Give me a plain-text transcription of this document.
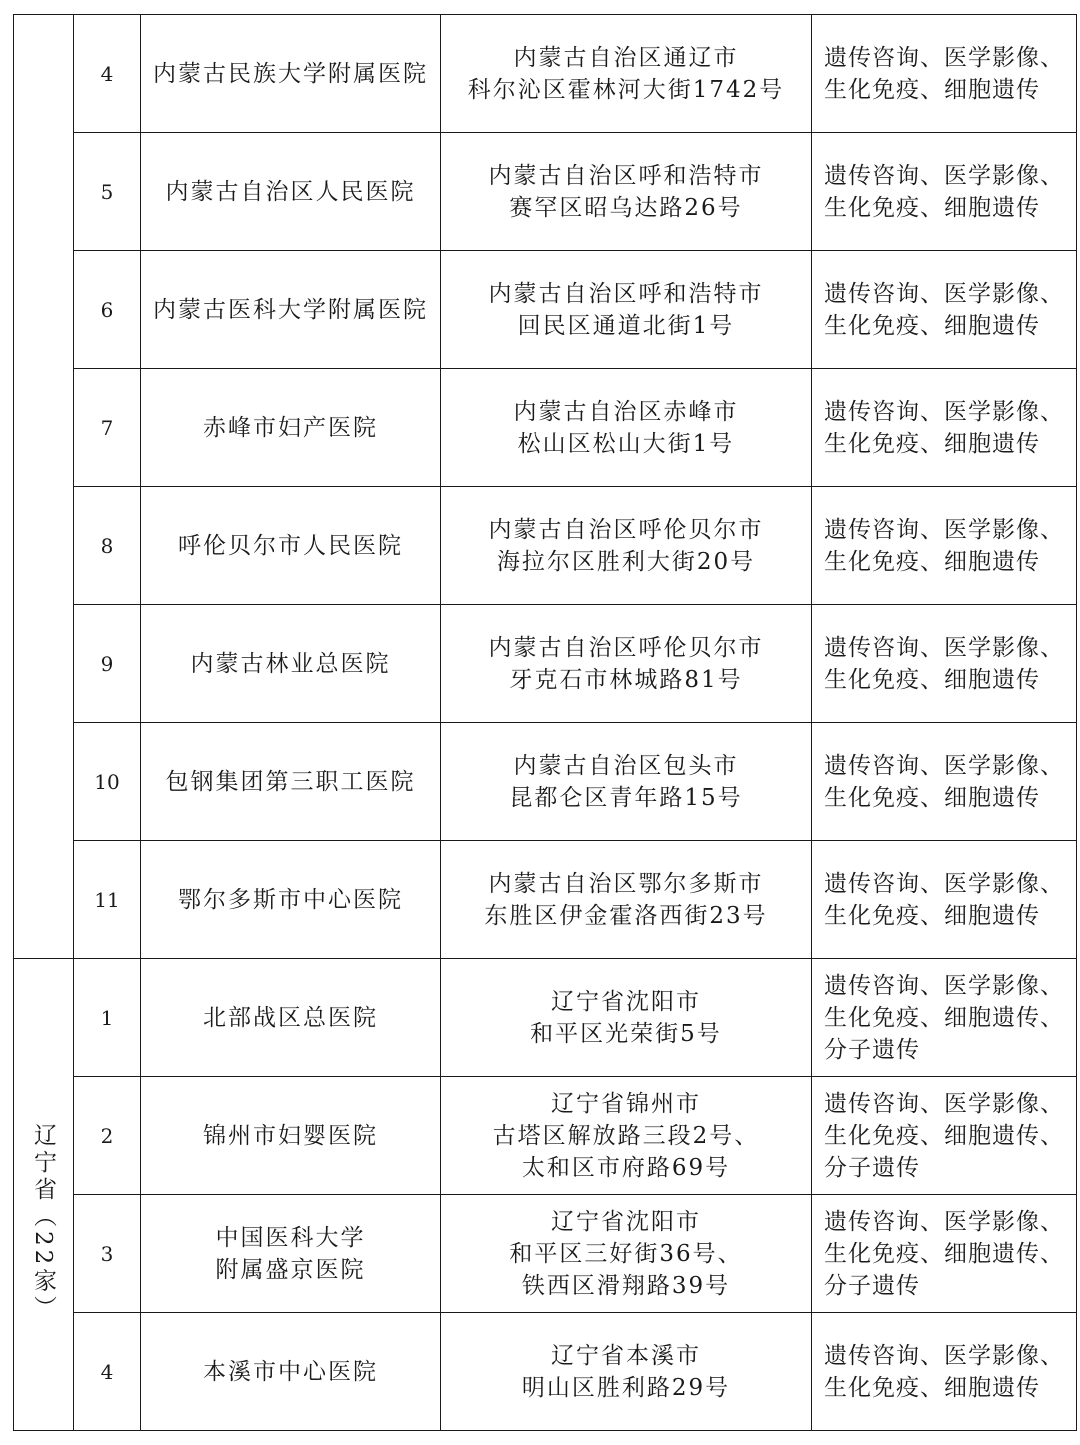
	4	内蒙古民族大学附属医院	内蒙古自治区通辽市
科尔沁区霍林河大街1742号	遗传咨询、医学影像、
生化免疫、细胞遗传

	5	内蒙古自治区人民医院	内蒙古自治区呼和浩特市
赛罕区昭乌达路26号	遗传咨询、医学影像、
生化免疫、细胞遗传

	6	内蒙古医科大学附属医院	内蒙古自治区呼和浩特市
回民区通道北街1号	遗传咨询、医学影像、
生化免疫、细胞遗传

	7	赤峰市妇产医院	内蒙古自治区赤峰市
松山区松山大街1号	遗传咨询、医学影像、
生化免疫、细胞遗传

	8	呼伦贝尔市人民医院	内蒙古自治区呼伦贝尔市
海拉尔区胜利大街20号	遗传咨询、医学影像、
生化免疫、细胞遗传

	9	内蒙古林业总医院	内蒙古自治区呼伦贝尔市
牙克石市林城路81号	遗传咨询、医学影像、
生化免疫、细胞遗传

	10	包钢集团第三职工医院	内蒙古自治区包头市
昆都仑区青年路15号	遗传咨询、医学影像、
生化免疫、细胞遗传

	11	鄂尔多斯市中心医院	内蒙古自治区鄂尔多斯市
东胜区伊金霍洛西街23号	遗传咨询、医学影像、
生化免疫、细胞遗传

辽宁省（22家）	1	北部战区总医院	辽宁省沈阳市
和平区光荣街5号	遗传咨询、医学影像、
生化免疫、细胞遗传、
分子遗传

	2	锦州市妇婴医院	辽宁省锦州市
古塔区解放路三段2号、
太和区市府路69号	遗传咨询、医学影像、
生化免疫、细胞遗传、
分子遗传

	3	中国医科大学
附属盛京医院	辽宁省沈阳市
和平区三好街36号、
铁西区滑翔路39号	遗传咨询、医学影像、
生化免疫、细胞遗传、
分子遗传

	4	本溪市中心医院	辽宁省本溪市
明山区胜利路29号	遗传咨询、医学影像、
生化免疫、细胞遗传
